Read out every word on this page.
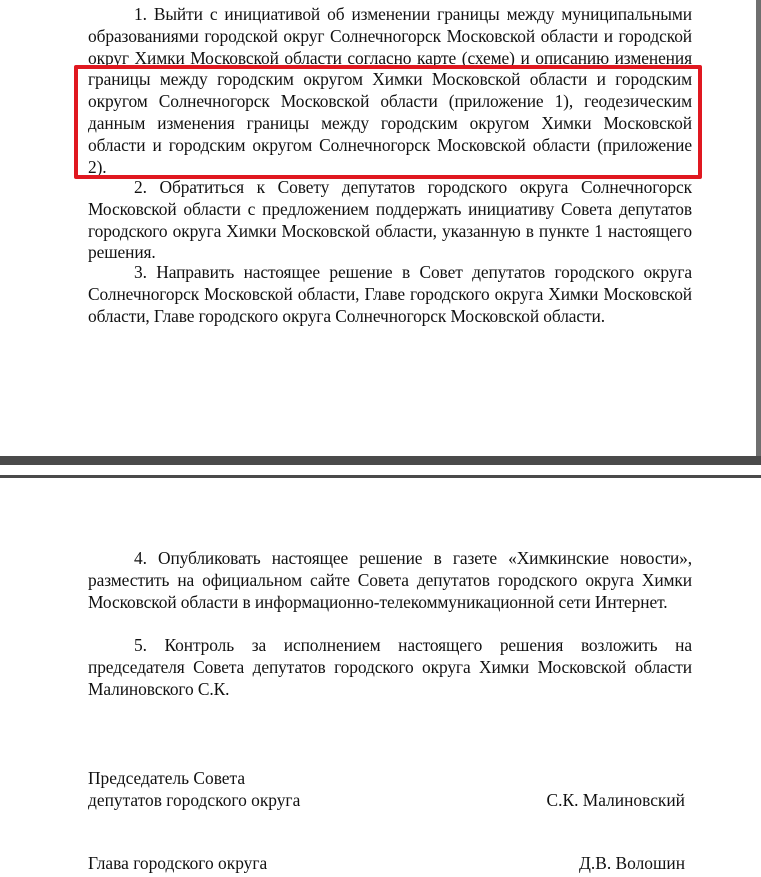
1. Выйти с инициативой об изменении границы между муниципальными образованиями городской округ Солнечногорск Московской области и городской округ Химки Московской области согласно карте (схеме) и описанию изменения границы между городским округом Химки Московской области и городским округом Солнечногорск Московской области (приложение 1), геодезическим данным изменения границы между городским округом Химки Московской области и городским округом Солнечногорск Московской области (приложение 2).

2. Обратиться к Совету депутатов городского округа Солнечногорск Московской области с предложением поддержать инициативу Совета депутатов городского округа Химки Московской области, указанную в пункте 1 настоящего решения.

3. Направить настоящее решение в Совет депутатов городского округа Солнечногорск Московской области, Главе городского округа Химки Московской области, Главе городского округа Солнечногорск Московской области.

4. Опубликовать настоящее решение в газете «Химкинские новости», разместить на официальном сайте Совета депутатов городского округа Химки Московской области в информационно-телекоммуникационной сети Интернет.

5. Контроль за исполнением настоящего решения возложить на председателя Совета депутатов городского округа Химки Московской области Малиновского С.К.

Председатель Совета
депутатов городского округа	С.К. Малиновский
Глава городского округа	Д.В. Волошин
